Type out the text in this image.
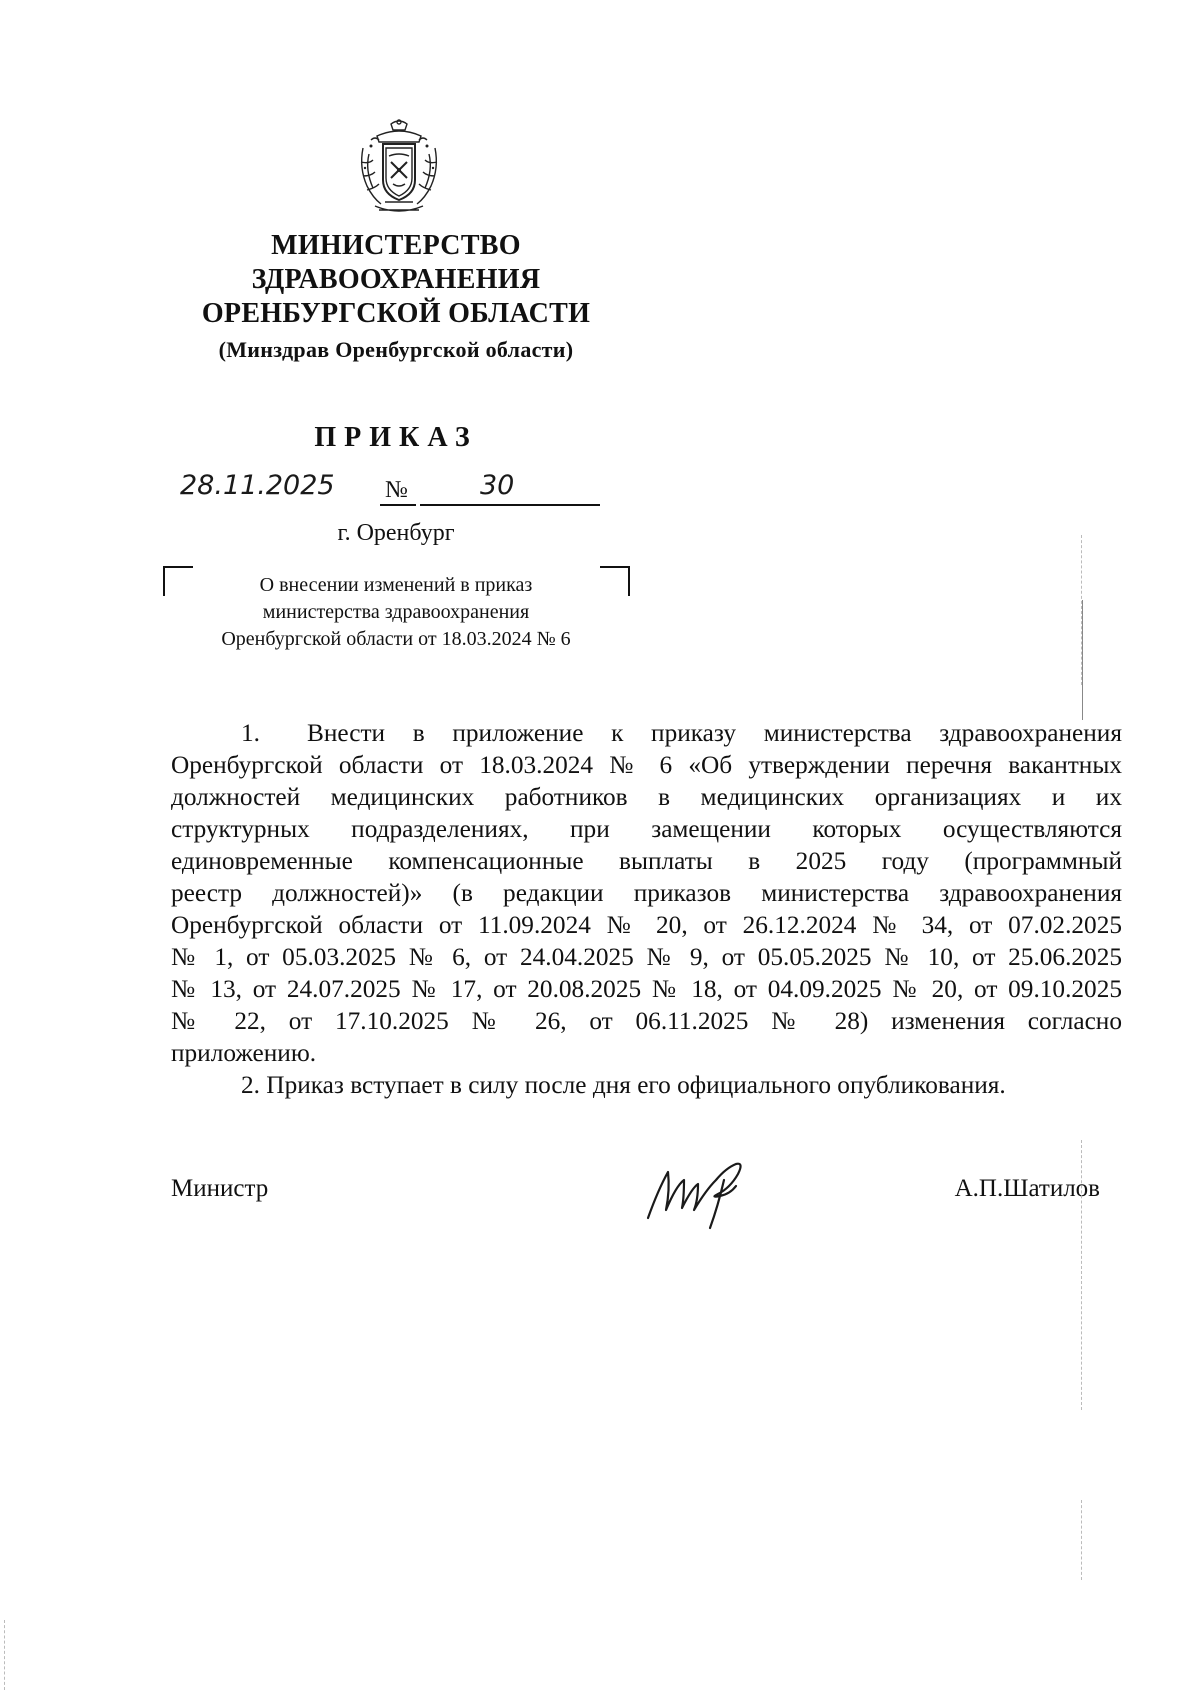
МИНИСТЕРСТВО
ЗДРАВООХРАНЕНИЯ
ОРЕНБУРГСКОЙ ОБЛАСТИ
(Минздрав Оренбургской области)
ПРИКАЗ
28.11.2025 №	30
г. Оренбург
О внесении изменений в приказ
министерства здравоохранения
Оренбургской области от 18.03.2024 № 6
1. Внести в приложение к приказу министерства здравоохранения
Оренбургской области от 18.03.2024 № 6 «Об утверждении перечня вакантных
должностей медицинских работников в медицинских организациях и их
структурных подразделениях, при замещении которых осуществляются
единовременные компенсационные выплаты в 2025 году (программный
реестр должностей)» (в редакции приказов министерства здравоохранения
Оренбургской области от 11.09.2024 № 20, от 26.12.2024 № 34, от 07.02.2025
№ 1, от 05.03.2025 № 6, от 24.04.2025 № 9, от 05.05.2025 № 10, от 25.06.2025
№ 13, от 24.07.2025 № 17, от 20.08.2025 № 18, от 04.09.2025 № 20, от 09.10.2025
№ 22, от 17.10.2025 № 26, от 06.11.2025 № 28) изменения согласно
приложению.
2. Приказ вступает в силу после дня его официального опубликования.
Министр	А.П.Шатилов
